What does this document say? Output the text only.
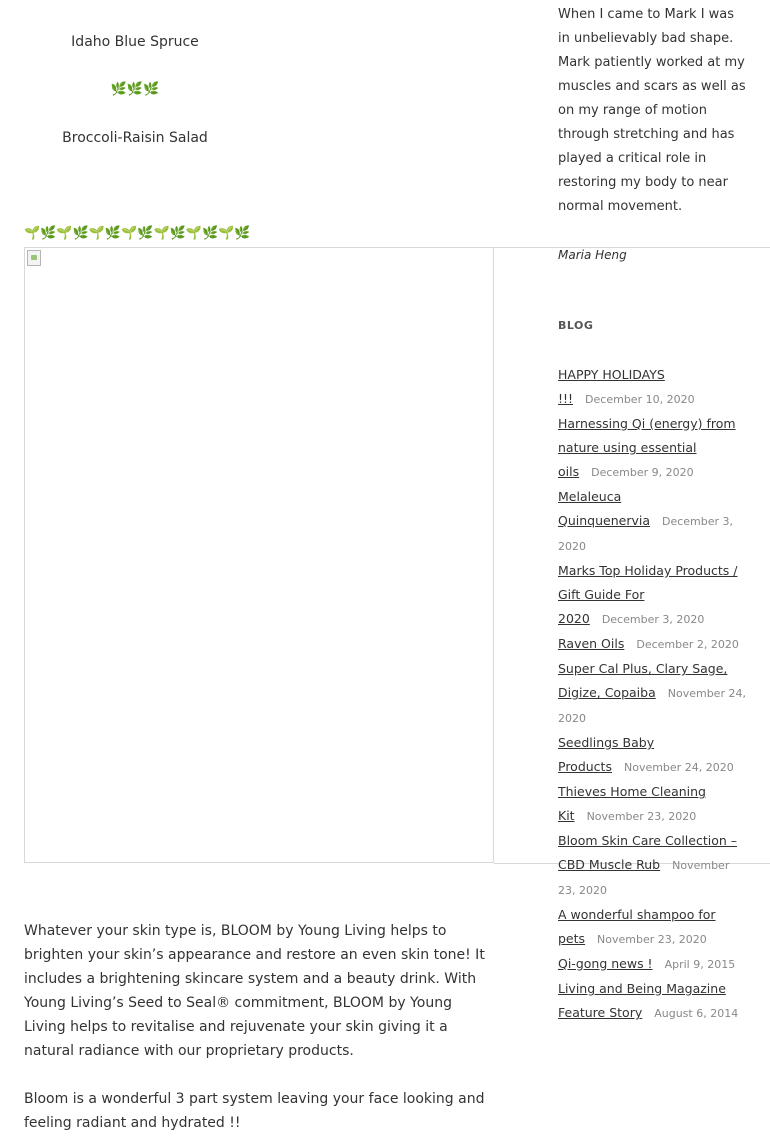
Idaho Blue Spruce
🌿🌿🌿
Broccoli-Raisin Salad
🌱🌿🌱🌿🌱🌿🌱🌿🌱🌿🌱🌿🌱🌿

Whatever your skin type is, BLOOM by Young Living helps to brighten your skin’s appearance and restore an even skin tone! It includes a brightening skincare system and a beauty drink. With Young Living’s Seed to Seal® commitment, BLOOM by Young Living helps to revitalise and rejuvenate your skin giving it a natural radiance with our proprietary products.

Bloom is a wonderful 3 part system leaving your face looking and feeling radiant and hydrated !!

When I came to Mark I was in unbelievably bad shape. Mark patiently worked at my muscles and scars as well as on my range of motion through stretching and has played a critical role in restoring my body to near normal movement.
Maria Heng
BLOG
HAPPY HOLIDAYS !!! December 10, 2020
Harnessing Qi (energy) from nature using essential oils December 9, 2020
Melaleuca Quinquenervia December 3, 2020
Marks Top Holiday Products / Gift Guide For 2020 December 3, 2020
Raven Oils December 2, 2020
Super Cal Plus, Clary Sage, Digize, Copaiba November 24, 2020
Seedlings Baby Products November 24, 2020
Thieves Home Cleaning Kit November 23, 2020
Bloom Skin Care Collection – CBD Muscle Rub November 23, 2020
A wonderful shampoo for pets November 23, 2020
Qi-gong news ! April 9, 2015
Living and Being Magazine Feature Story August 6, 2014
